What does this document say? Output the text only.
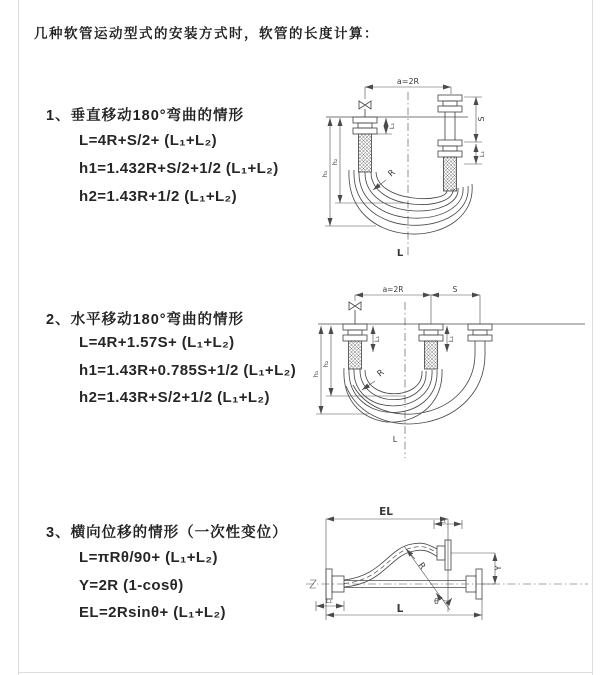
几种软管运动型式的安装方式时，软管的长度计算：
1、垂直移动180°弯曲的情形
L=4R+S/2+ (L₁+L₂)
h1=1.432R+S/2+1/2 (L₁+L₂)
h2=1.43R+1/2 (L₁+L₂)
2、水平移动180°弯曲的情形
L=4R+1.57S+ (L₁+L₂)
h1=1.43R+0.785S+1/2 (L₁+L₂)
h2=1.43R+S/2+1/2 (L₁+L₂)
3、横向位移的情形（一次性变位）
L=πRθ/90+ (L₁+L₂)
Y=2R (1-cosθ)
EL=2Rsinθ+ (L₁+L₂)
a=2R
S
L₁
L₁
h₁
h₂
R
L
a=2R	S
L₁	L₁
h₁
h₂
R
L
EL
L₁
R
θ
Y
L
L₁
